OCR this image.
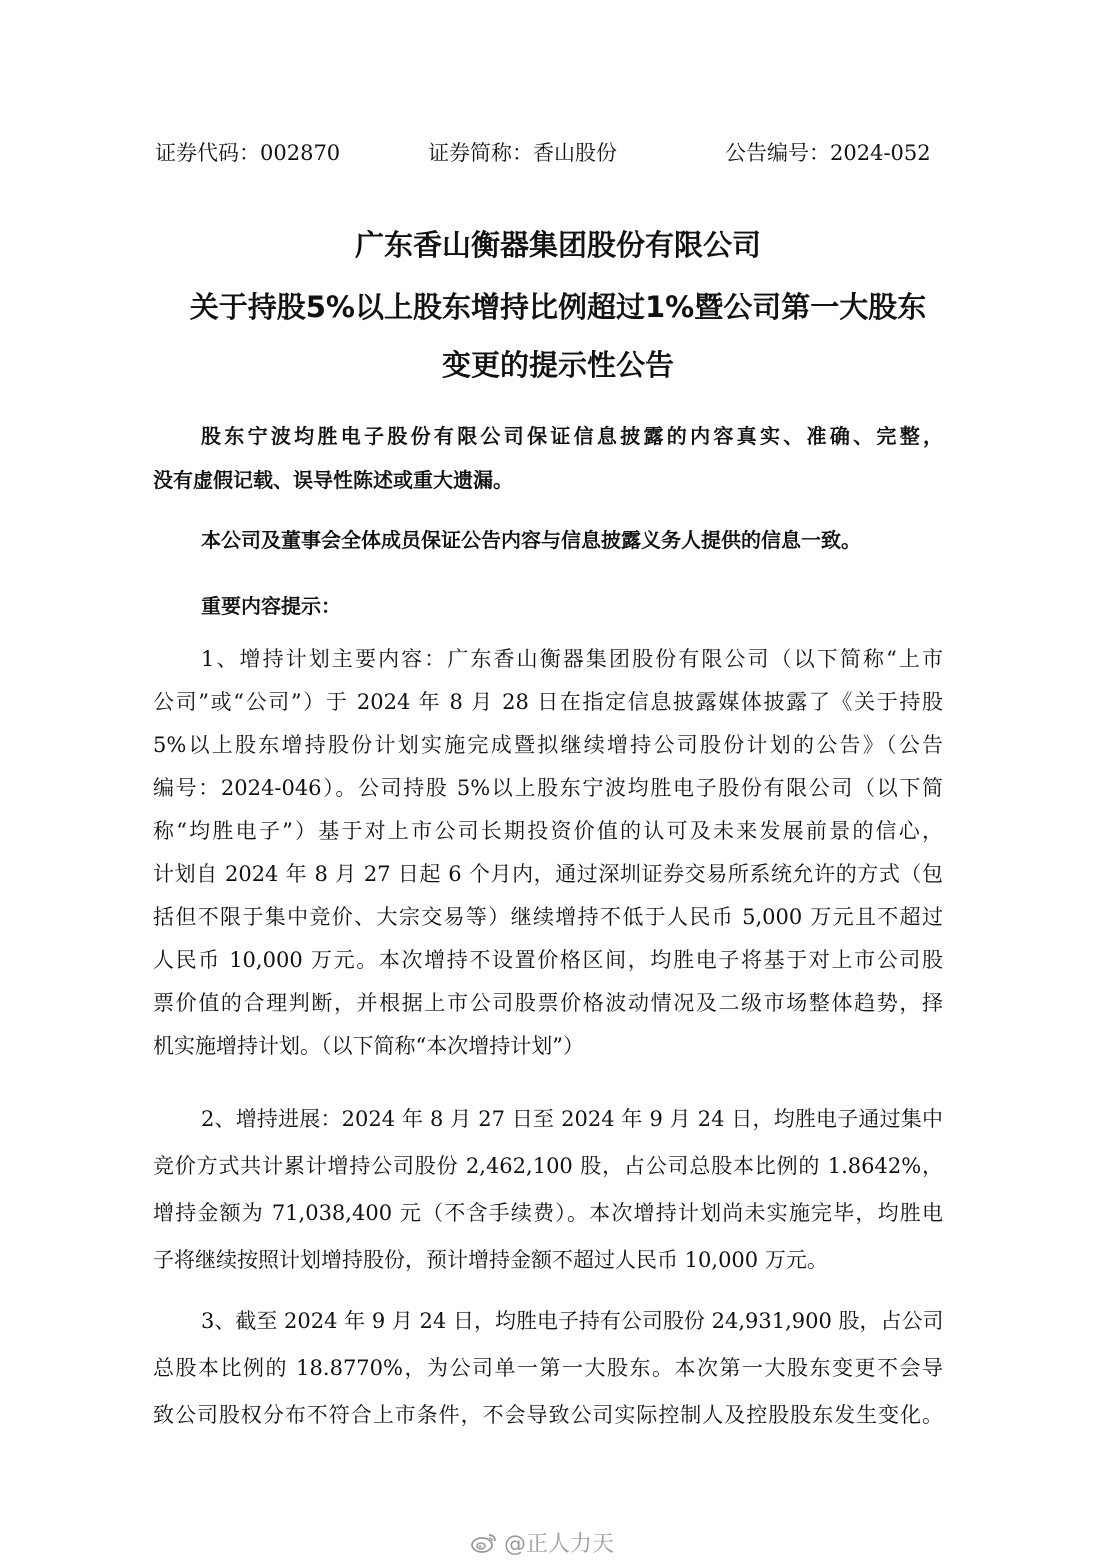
证券代码：002870	证券简称：香山股份	公告编号：2024-052
广东香山衡器集团股份有限公司
关于持股5%以上股东增持比例超过1%暨公司第一大股东
变更的提示性公告
股东宁波均胜电子股份有限公司保证信息披露的内容真实、准确、完整，
没有虚假记载、误导性陈述或重大遗漏。
本公司及董事会全体成员保证公告内容与信息披露义务人提供的信息一致。
重要内容提示：
1、增持计划主要内容：广东香山衡器集团股份有限公司（以下简称“上市
公司”或“公司”）于 2024 年 8 月 28 日在指定信息披露媒体披露了《关于持股
5%以上股东增持股份计划实施完成暨拟继续增持公司股份计划的公告》（公告
编号：2024-046）。公司持股 5%以上股东宁波均胜电子股份有限公司（以下简
称“均胜电子”）基于对上市公司长期投资价值的认可及未来发展前景的信心，
计划自 2024 年 8 月 27 日起 6 个月内，通过深圳证券交易所系统允许的方式（包
括但不限于集中竞价、大宗交易等）继续增持不低于人民币 5,000 万元且不超过
人民币 10,000 万元。本次增持不设置价格区间，均胜电子将基于对上市公司股
票价值的合理判断，并根据上市公司股票价格波动情况及二级市场整体趋势，择
机实施增持计划。（以下简称“本次增持计划”）
2、增持进展：2024 年 8 月 27 日至 2024 年 9 月 24 日，均胜电子通过集中
竞价方式共计累计增持公司股份 2,462,100 股，占公司总股本比例的 1.8642%，
增持金额为 71,038,400 元（不含手续费）。本次增持计划尚未实施完毕，均胜电
子将继续按照计划增持股份，预计增持金额不超过人民币 10,000 万元。
3、截至 2024 年 9 月 24 日，均胜电子持有公司股份 24,931,900 股，占公司
总股本比例的 18.8770%，为公司单一第一大股东。本次第一大股东变更不会导
致公司股权分布不符合上市条件，不会导致公司实际控制人及控股股东发生变化。
@正人力天
